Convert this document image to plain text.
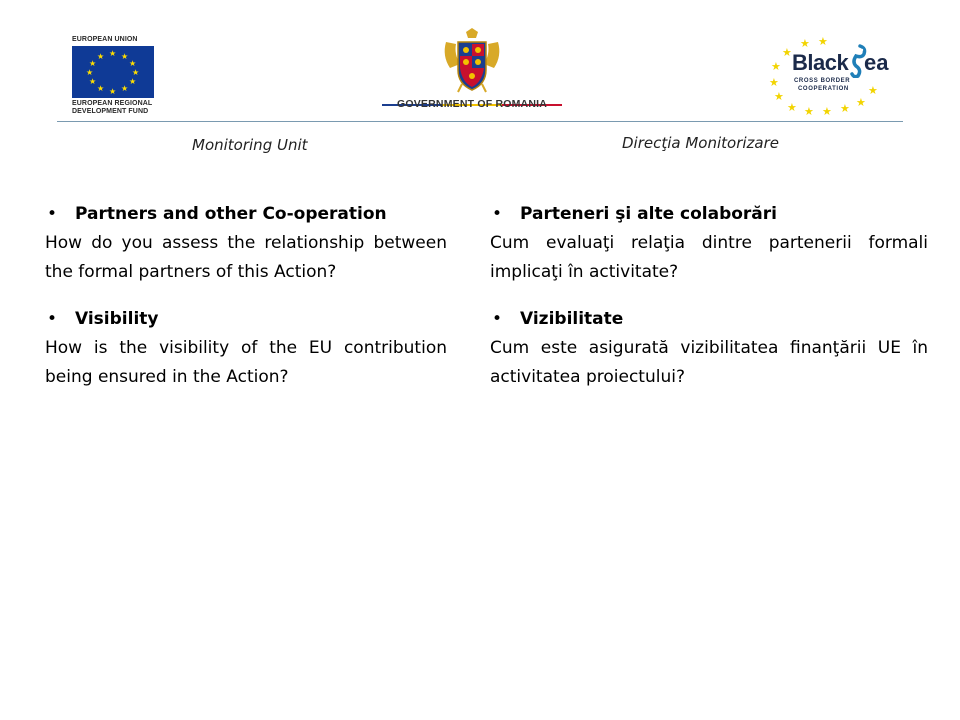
EUROPEAN UNION
★ ★
★
★
★
★
★
★
★
★
★
★
EUROPEAN REGIONAL
DEVELOPMENT FUND
GOVERNMENT OF ROMANIA
★ ★
★
★
★
★
★ ★ ★ ★ ★
★
Black ea
CROSS BORDER
COOPERATION
Monitoring Unit	Direcţia Monitorizare
• Partners and other Co-operation
How do you assess the relationship between the formal partners of this Action?
• Visibility
How is the visibility of the EU contribution being ensured in the Action?
• Parteneri şi alte colaborări
Cum evaluaţi relaţia dintre partenerii formali implicaţi în activitate?
• Vizibilitate
Cum este asigurată vizibilitatea finanţării UE în activitatea proiectului?
